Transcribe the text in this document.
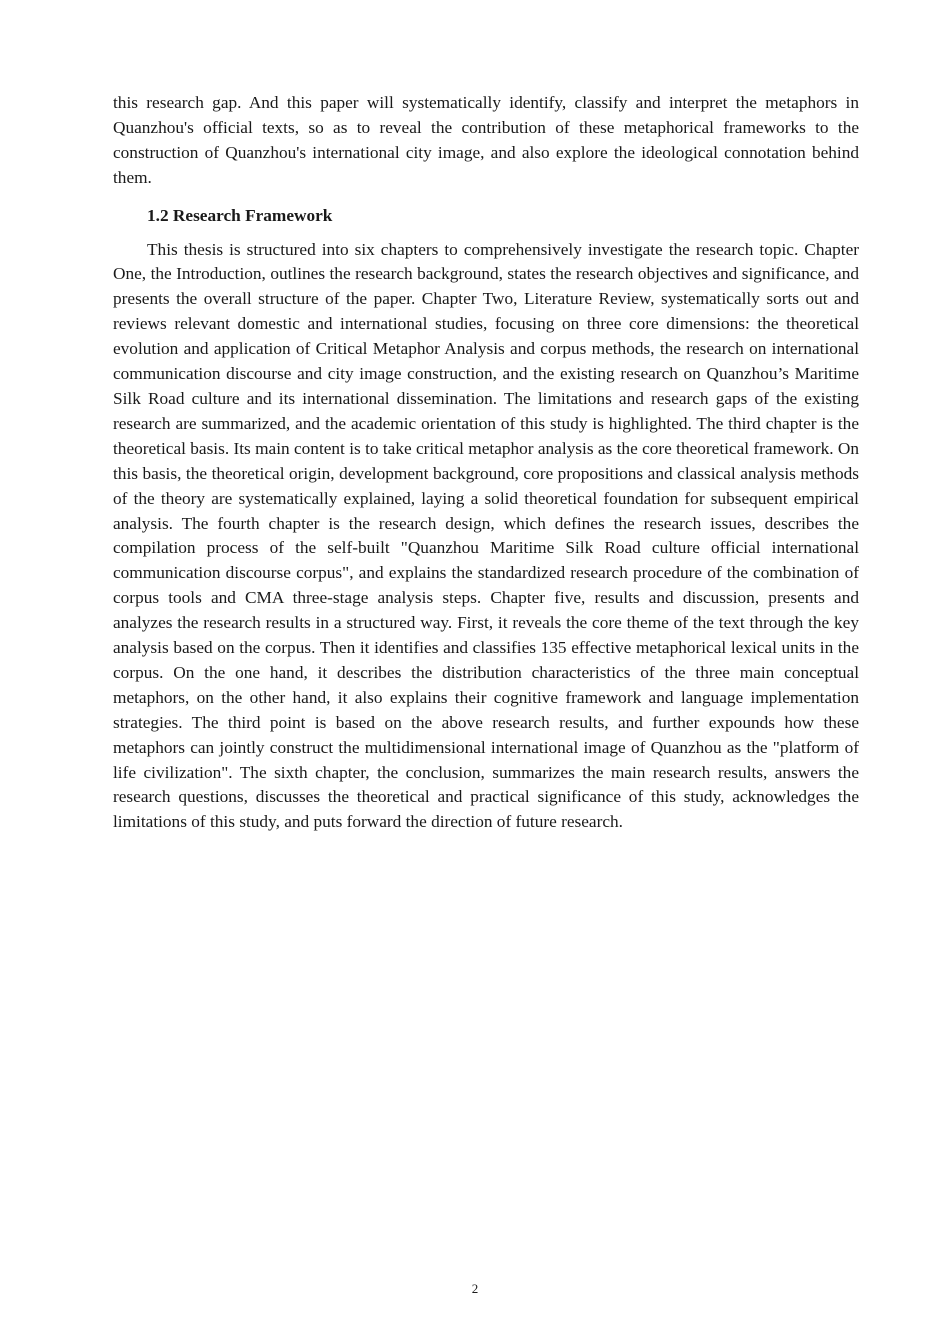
this research gap. And this paper will systematically identify, classify and interpret the metaphors in Quanzhou's official texts, so as to reveal the contribution of these metaphorical frameworks to the construction of Quanzhou's international city image, and also explore the ideological connotation behind them.

1.2 Research Framework

This thesis is structured into six chapters to comprehensively investigate the research topic. Chapter One, the Introduction, outlines the research background, states the research objectives and significance, and presents the overall structure of the paper. Chapter Two, Literature Review, systematically sorts out and reviews relevant domestic and international studies, focusing on three core dimensions: the theoretical evolution and application of Critical Metaphor Analysis and corpus methods, the research on international communication discourse and city image construction, and the existing research on Quanzhou’s Maritime Silk Road culture and its international dissemination. The limitations and research gaps of the existing research are summarized, and the academic orientation of this study is highlighted. The third chapter is the theoretical basis. Its main content is to take critical metaphor analysis as the core theoretical framework. On this basis, the theoretical origin, development background, core propositions and classical analysis methods of the theory are systematically explained, laying a solid theoretical foundation for subsequent empirical analysis. The fourth chapter is the research design, which defines the research issues, describes the compilation process of the self-built "Quanzhou Maritime Silk Road culture official international communication discourse corpus", and explains the standardized research procedure of the combination of corpus tools and CMA three-stage analysis steps. Chapter five, results and discussion, presents and analyzes the research results in a structured way. First, it reveals the core theme of the text through the key analysis based on the corpus. Then it identifies and classifies 135 effective metaphorical lexical units in the corpus. On the one hand, it describes the distribution characteristics of the three main conceptual metaphors, on the other hand, it also explains their cognitive framework and language implementation strategies. The third point is based on the above research results, and further expounds how these metaphors can jointly construct the multidimensional international image of Quanzhou as the "platform of life civilization". The sixth chapter, the conclusion, summarizes the main research results, answers the research questions, discusses the theoretical and practical significance of this study, acknowledges the limitations of this study, and puts forward the direction of future research.

2
